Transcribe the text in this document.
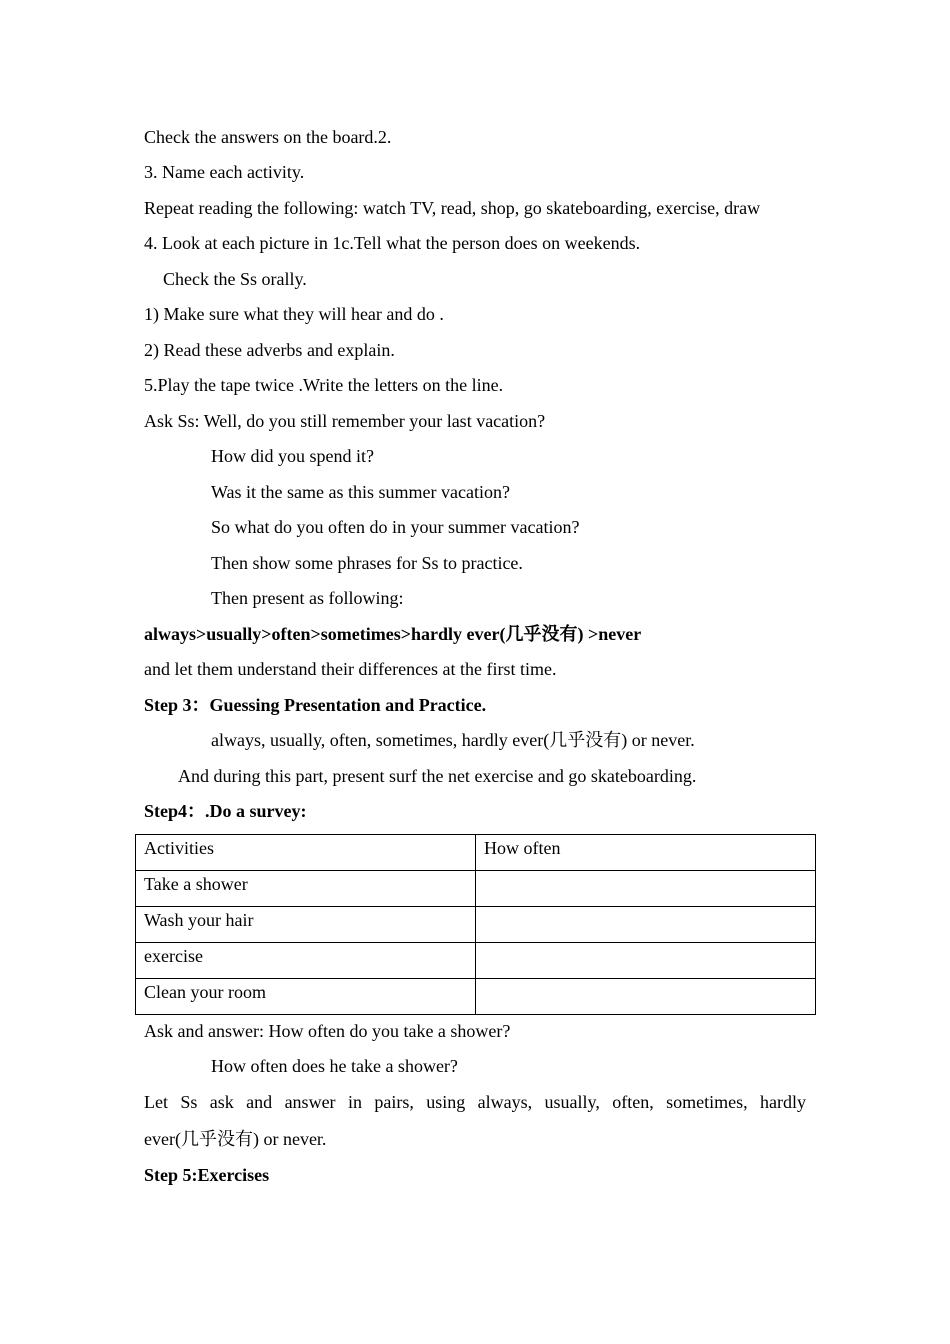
Check the answers on the board.2.
3. Name each activity.
Repeat reading the following: watch TV, read, shop, go skateboarding, exercise, draw
4. Look at each picture in 1c.Tell what the person does on weekends.
Check the Ss orally.
1) Make sure what they will hear and do .
2) Read these adverbs and explain.
5.Play the tape twice .Write the letters on the line.
Ask Ss: Well, do you still remember your last vacation?
How did you spend it?
Was it the same as this summer vacation?
So what do you often do in your summer vacation?
Then show some phrases for Ss to practice.
Then present as following:
always>usually>often>sometimes>hardly ever(几乎没有) >never
and let them understand their differences at the first time.
Step 3：Guessing Presentation and Practice.
always, usually, often, sometimes, hardly ever(几乎没有) or never.
And during this part, present surf the net exercise and go skateboarding.
Step4：.Do a survey:
Activities	How often
Take a shower	
Wash your hair	
exercise	
Clean your room	
Ask and answer: How often do you take a shower?
How often does he take a shower?
Let Ss ask and answer in pairs, using always, usually, often, sometimes, hardly
ever(几乎没有) or never.
Step 5:Exercises
